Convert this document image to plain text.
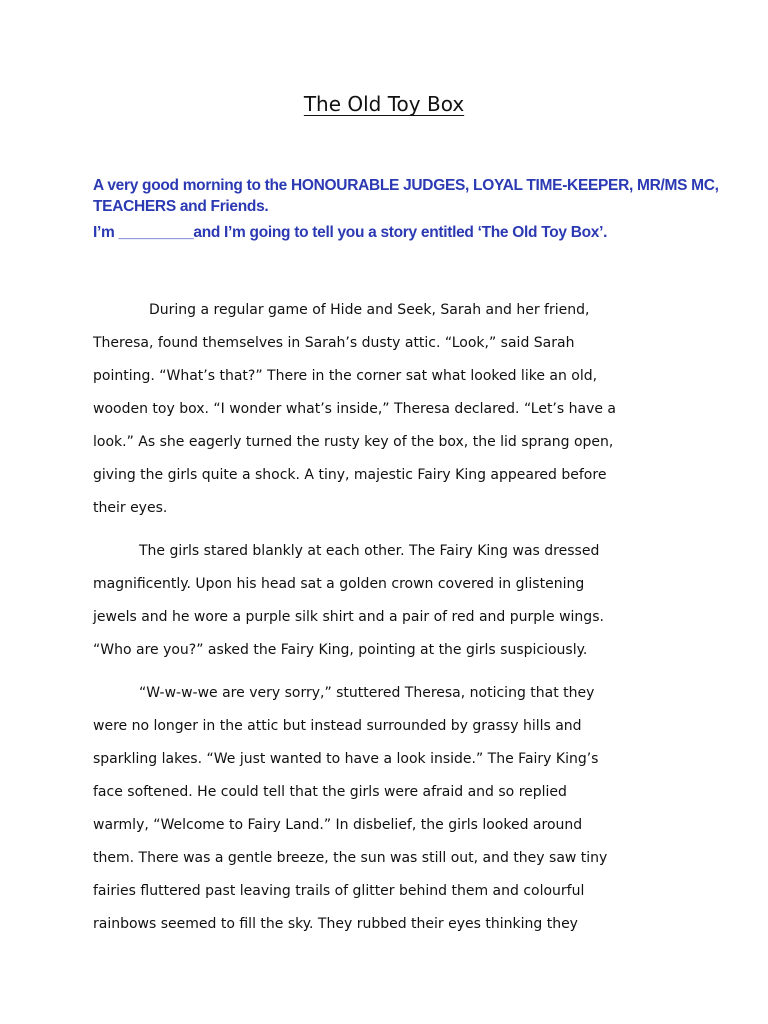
The Old Toy Box
A very good morning to the HONOURABLE JUDGES, LOYAL TIME-KEEPER, MR/MS MC, TEACHERS and Friends.
I’m _________and I’m going to tell you a story entitled ‘The Old Toy Box’.
During a regular game of Hide and Seek, Sarah and her friend,
Theresa, found themselves in Sarah’s dusty attic. “Look,” said Sarah
pointing. “What’s that?” There in the corner sat what looked like an old,
wooden toy box. “I wonder what’s inside,” Theresa declared. “Let’s have a
look.” As she eagerly turned the rusty key of the box, the lid sprang open,
giving the girls quite a shock. A tiny, majestic Fairy King appeared before
their eyes.
The girls stared blankly at each other. The Fairy King was dressed
magnificently. Upon his head sat a golden crown covered in glistening
jewels and he wore a purple silk shirt and a pair of red and purple wings.
“Who are you?” asked the Fairy King, pointing at the girls suspiciously.
“W-w-w-we are very sorry,” stuttered Theresa, noticing that they
were no longer in the attic but instead surrounded by grassy hills and
sparkling lakes. “We just wanted to have a look inside.” The Fairy King’s
face softened. He could tell that the girls were afraid and so replied
warmly, “Welcome to Fairy Land.” In disbelief, the girls looked around
them. There was a gentle breeze, the sun was still out, and they saw tiny
fairies fluttered past leaving trails of glitter behind them and colourful
rainbows seemed to fill the sky. They rubbed their eyes thinking they
